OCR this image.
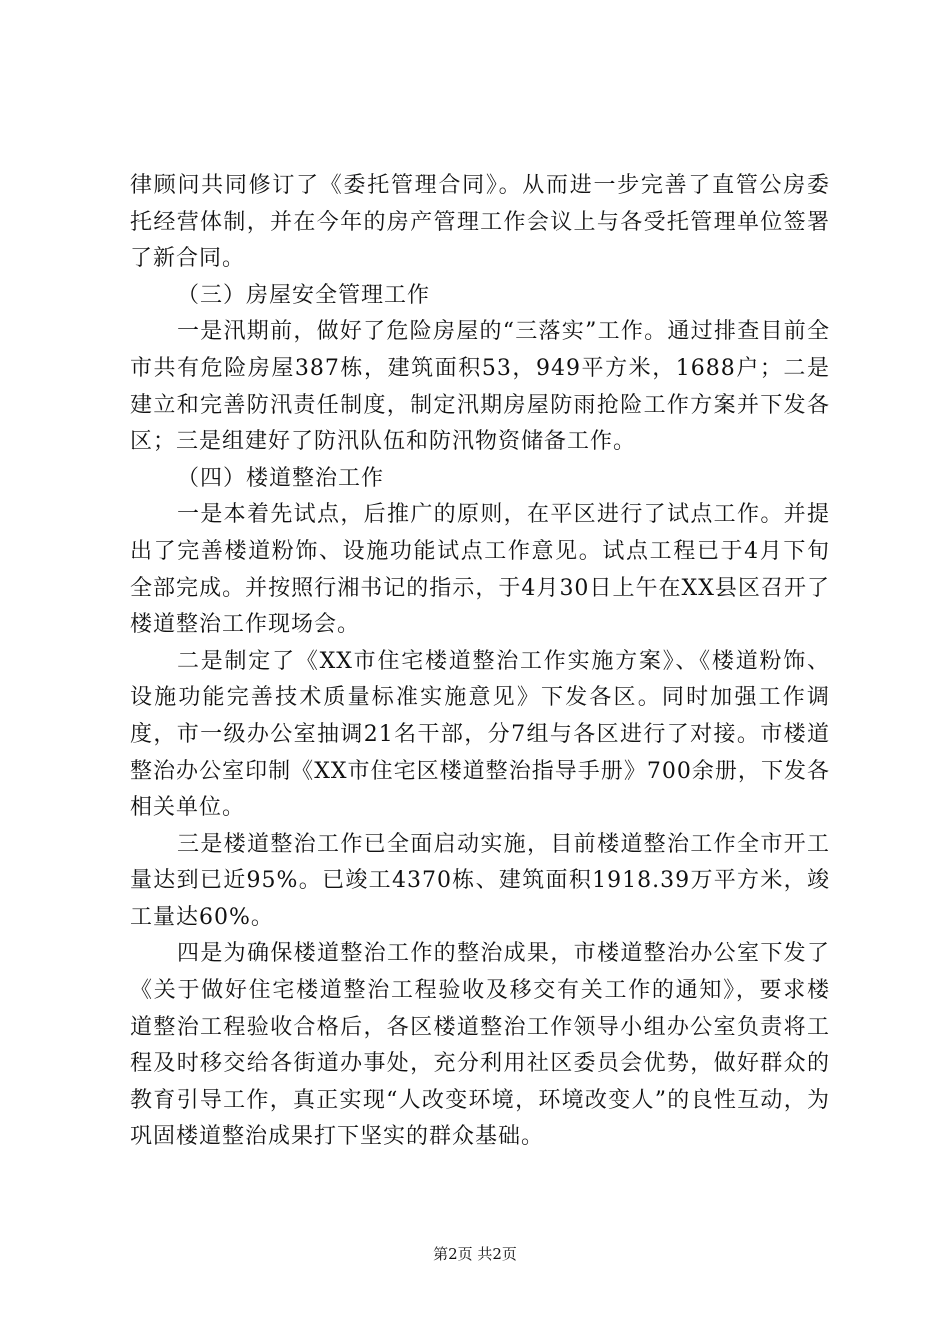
律顾问共同修订了《委托管理合同》。从而进一步完善了直管公房委托经营体制，并在今年的房产管理工作会议上与各受托管理单位签署了新合同。

（三）房屋安全管理工作

一是汛期前，做好了危险房屋的“三落实”工作。通过排查目前全市共有危险房屋387栋，建筑面积53，949平方米，1688户；二是建立和完善防汛责任制度，制定汛期房屋防雨抢险工作方案并下发各区；三是组建好了防汛队伍和防汛物资储备工作。

（四）楼道整治工作

一是本着先试点，后推广的原则，在平区进行了试点工作。并提出了完善楼道粉饰、设施功能试点工作意见。试点工程已于4月下旬全部完成。并按照行湘书记的指示，于4月30日上午在XX县区召开了楼道整治工作现场会。

二是制定了《XX市住宅楼道整治工作实施方案》、《楼道粉饰、设施功能完善技术质量标准实施意见》下发各区。同时加强工作调度，市一级办公室抽调21名干部，分7组与各区进行了对接。市楼道整治办公室印制《XX市住宅区楼道整治指导手册》700余册，下发各相关单位。

三是楼道整治工作已全面启动实施，目前楼道整治工作全市开工量达到已近95%。已竣工4370栋、建筑面积1918.39万平方米，竣工量达60%。

四是为确保楼道整治工作的整治成果，市楼道整治办公室下发了《关于做好住宅楼道整治工程验收及移交有关工作的通知》，要求楼道整治工程验收合格后，各区楼道整治工作领导小组办公室负责将工程及时移交给各街道办事处，充分利用社区委员会优势，做好群众的教育引导工作，真正实现“人改变环境，环境改变人”的良性互动，为巩固楼道整治成果打下坚实的群众基础。

第2页 共2页
